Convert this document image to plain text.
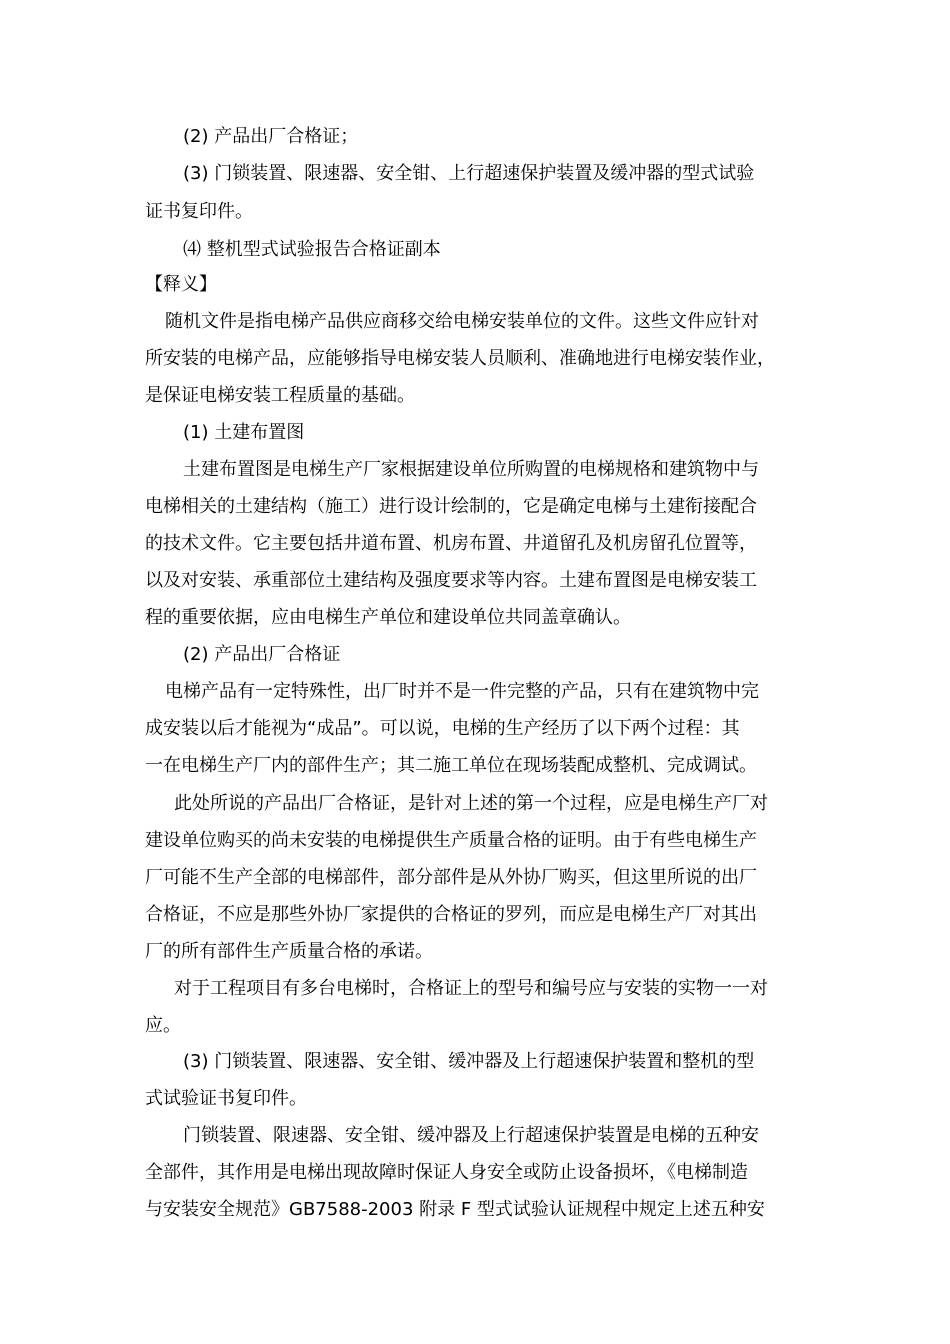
(2) 产品出厂合格证；
(3) 门锁装置、限速器、安全钳、上行超速保护装置及缓冲器的型式试验
证书复印件。
⑷ 整机型式试验报告合格证副本
【释义】
随机文件是指电梯产品供应商移交给电梯安装单位的文件。这些文件应针对
所安装的电梯产品，应能够指导电梯安装人员顺利、准确地进行电梯安装作业，
是保证电梯安装工程质量的基础。
(1) 土建布置图
土建布置图是电梯生产厂家根据建设单位所购置的电梯规格和建筑物中与
电梯相关的土建结构（施工）进行设计绘制的，它是确定电梯与土建衔接配合
的技术文件。它主要包括井道布置、机房布置、井道留孔及机房留孔位置等，
以及对安装、承重部位土建结构及强度要求等内容。土建布置图是电梯安装工
程的重要依据，应由电梯生产单位和建设单位共同盖章确认。
(2) 产品出厂合格证
电梯产品有一定特殊性，出厂时并不是一件完整的产品，只有在建筑物中完
成安装以后才能视为“成品”。可以说，电梯的生产经历了以下两个过程：其
一在电梯生产厂内的部件生产；其二施工单位在现场装配成整机、完成调试。
此处所说的产品出厂合格证，是针对上述的第一个过程，应是电梯生产厂对
建设单位购买的尚未安装的电梯提供生产质量合格的证明。由于有些电梯生产
厂可能不生产全部的电梯部件，部分部件是从外协厂购买，但这里所说的出厂
合格证，不应是那些外协厂家提供的合格证的罗列，而应是电梯生产厂对其出
厂的所有部件生产质量合格的承诺。
对于工程项目有多台电梯时，合格证上的型号和编号应与安装的实物一一对
应。
(3) 门锁装置、限速器、安全钳、缓冲器及上行超速保护装置和整机的型
式试验证书复印件。
门锁装置、限速器、安全钳、缓冲器及上行超速保护装置是电梯的五种安
全部件，其作用是电梯出现故障时保证人身安全或防止设备损坏，《电梯制造
与安装安全规范》GB7588-2003 附录 F 型式试验认证规程中规定上述五种安
